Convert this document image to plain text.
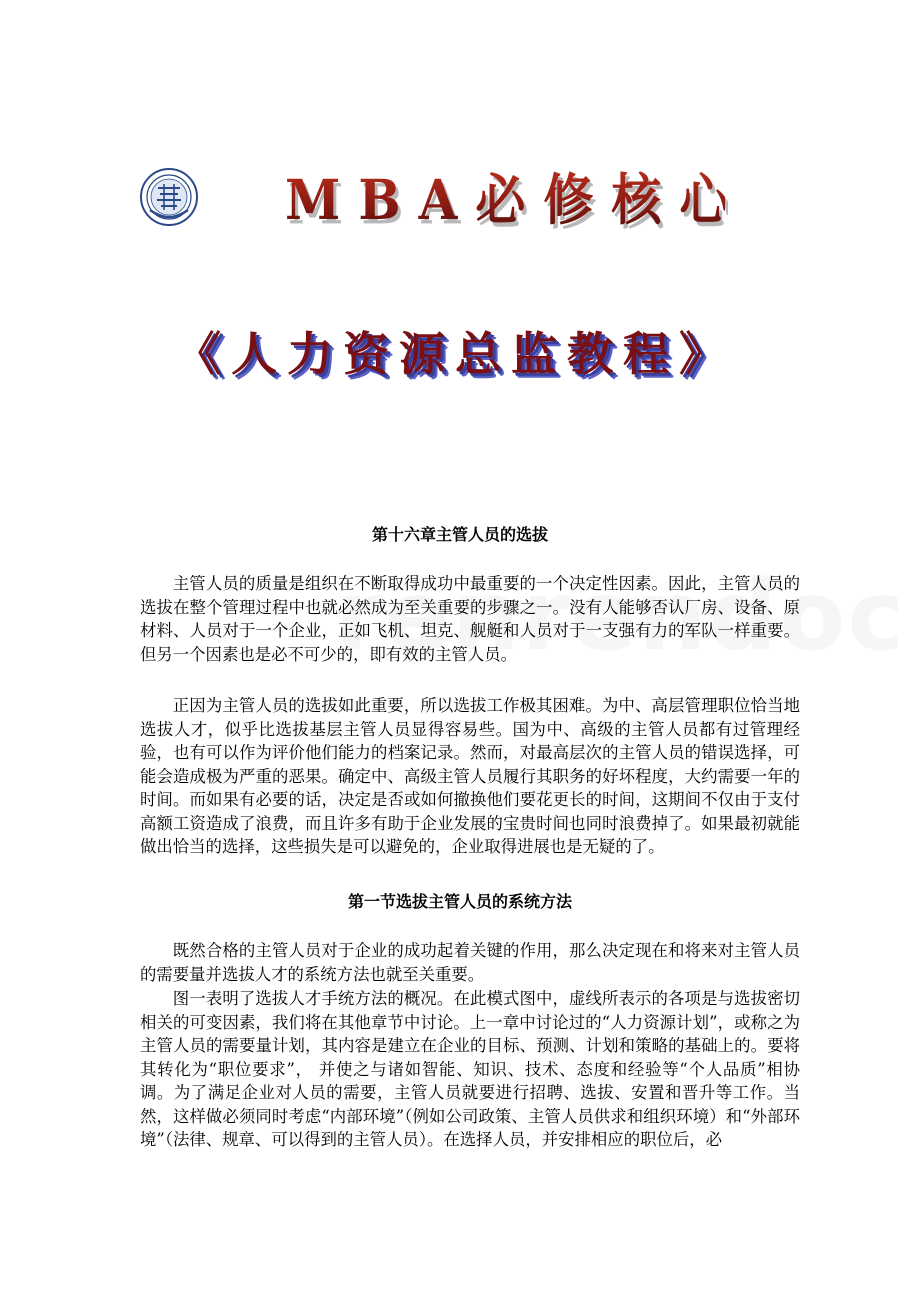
MBA必修核心课程
《人力资源总监教程》
第十六章主管人员的选拔

主管人员的质量是组织在不断取得成功中最重要的一个决定性因素。因此，主管人员的选拔在整个管理过程中也就必然成为至关重要的步骤之一。没有人能够否认厂房、设备、原材料、人员对于一个企业，正如飞机、坦克、舰艇和人员对于一支强有力的军队一样重要。但另一个因素也是必不可少的，即有效的主管人员。

正因为主管人员的选拔如此重要，所以选拔工作极其困难。为中、高层管理职位恰当地选拔人才，似乎比选拔基层主管人员显得容易些。国为中、高级的主管人员都有过管理经验，也有可以作为评价他们能力的档案记录。然而，对最高层次的主管人员的错误选择，可能会造成极为严重的恶果。确定中、高级主管人员履行其职务的好坏程度，大约需要一年的时间。而如果有必要的话，决定是否或如何撤换他们要花更长的时间，这期间不仅由于支付高额工资造成了浪费，而且许多有助于企业发展的宝贵时间也同时浪费掉了。如果最初就能做出恰当的选择，这些损失是可以避免的，企业取得进展也是无疑的了。

第一节选拔主管人员的系统方法

既然合格的主管人员对于企业的成功起着关键的作用，那么决定现在和将来对主管人员的需要量并选拔人才的系统方法也就至关重要。

图一表明了选拔人才手统方法的概况。在此模式图中，虚线所表示的各项是与选拔密切相关的可变因素，我们将在其他章节中讨论。上一章中讨论过的“人力资源计划”，或称之为主管人员的需要量计划，其内容是建立在企业的目标、预测、计划和策略的基础上的。要将其转化为“职位要求”， 并使之与诸如智能、知识、技术、态度和经验等“个人品质”相协调。为了满足企业对人员的需要，主管人员就要进行招聘、选拔、安置和晋升等工作。当然，这样做必须同时考虑“内部环境”（例如公司政策、主管人员供求和组织环境）和“外部环境”（法律、规章、可以得到的主管人员）。在选择人员，并安排相应的职位后，必
